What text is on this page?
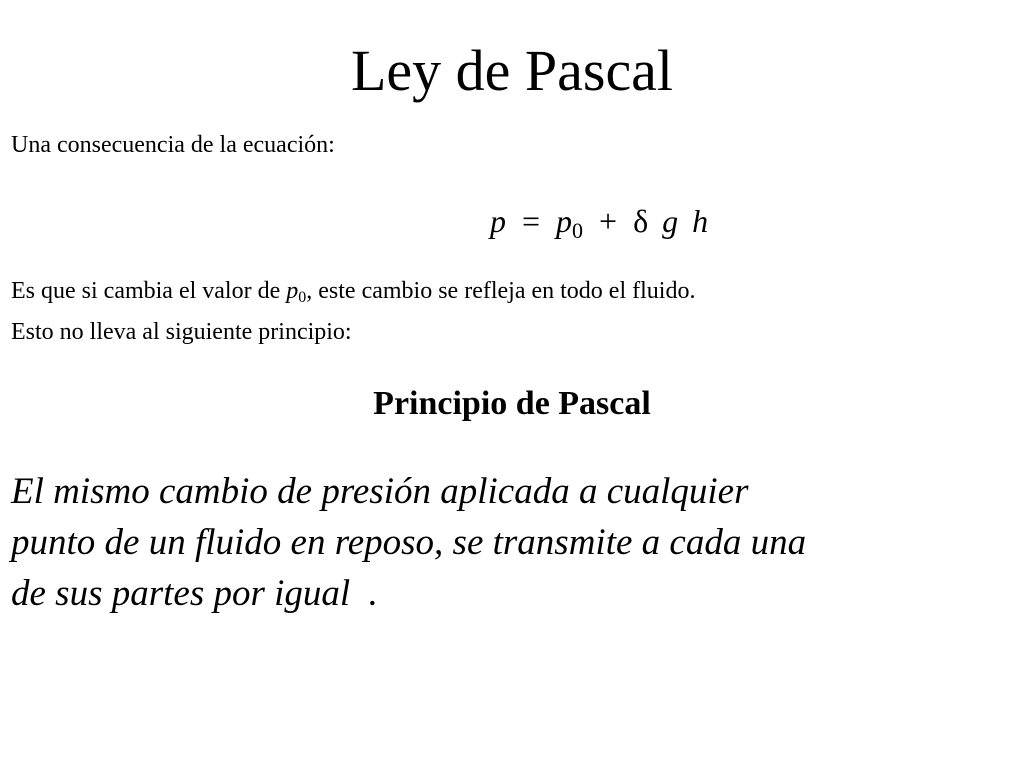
Ley de Pascal

Una consecuencia de la ecuación:

$p = p_0 + \delta$ g h

Es que si cambia el valor de $p_0$, este cambio se refleja en todo el fluido.
Esto no lleva al siguiente principio:

Principio de Pascal

El mismo cambio de presión aplicada a cualquier
punto de un fluido en reposo, se transmite a cada una
de sus partes por igual  .
